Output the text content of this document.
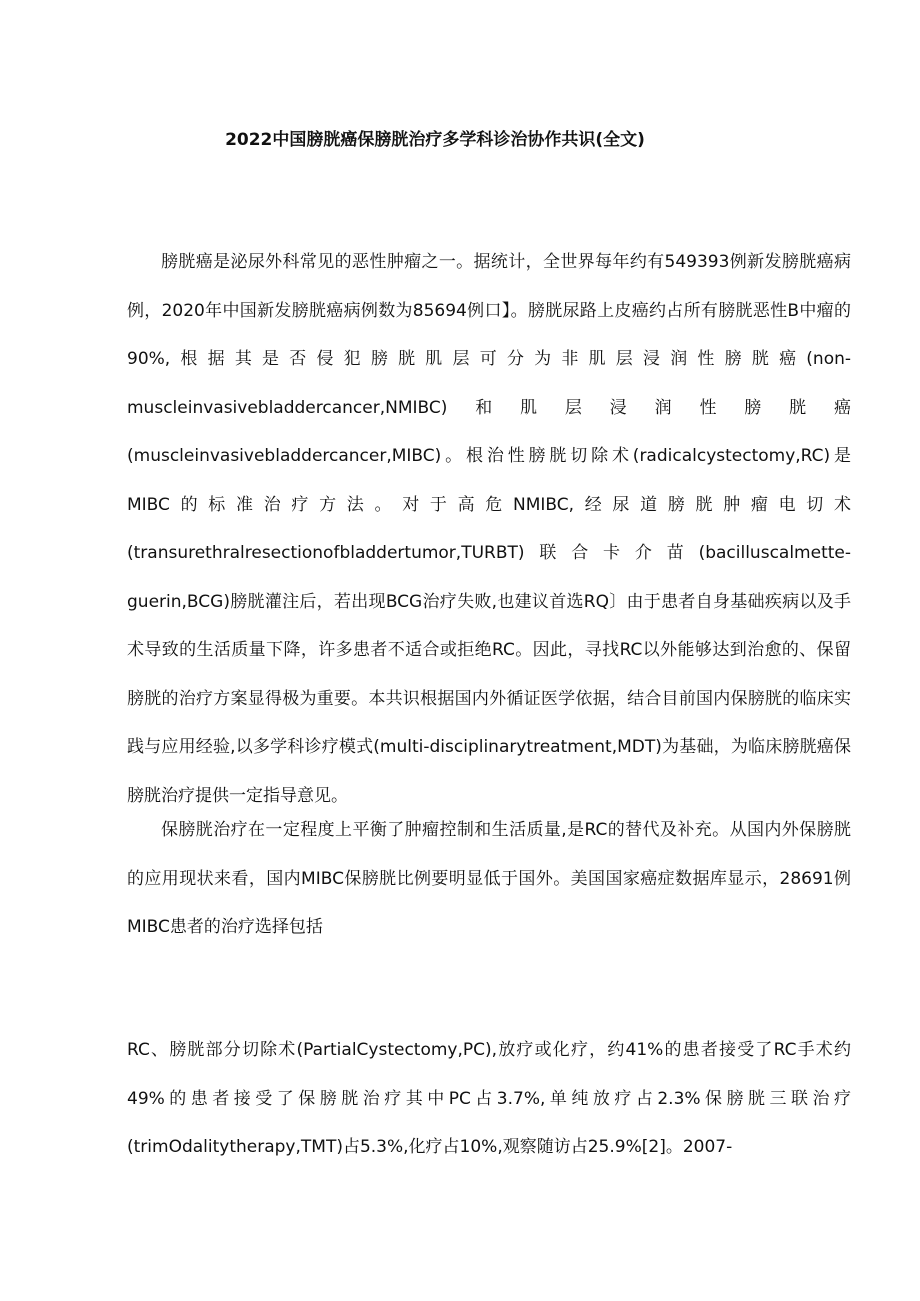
2022中国膀胱癌保膀胱治疗多学科诊治协作共识(全文)

膀胱癌是泌尿外科常见的恶性肿瘤之一。据统计，全世界每年约有549393例新发膀胱癌病例，2020年中国新发膀胱癌病例数为85694例口】。膀胱尿路上皮癌约占所有膀胱恶性B中瘤的90%,根据其是否侵犯膀胱肌层可分为非肌层浸润性膀胱癌(non-muscleinvasivebladdercancer,NMIBC)和肌层浸润性膀胱癌(muscleinvasivebladdercancer,MIBC)。根治性膀胱切除术(radicalcystectomy,RC)是MIBC的标准治疗方法。对于高危NMIBC,经尿道膀胱肿瘤电切术(transurethralresectionofbladdertumor,TURBT)联合卡介苗(bacilluscalmette-guerin,BCG)膀胱灌注后，若出现BCG治疗失败,也建议首选RQ〕由于患者自身基础疾病以及手术导致的生活质量下降，许多患者不适合或拒绝RC。因此，寻找RC以外能够达到治愈的、保留膀胱的治疗方案显得极为重要。本共识根据国内外循证医学依据，结合目前国内保膀胱的临床实践与应用经验,以多学科诊疗模式(multi-disciplinarytreatment,MDT)为基础，为临床膀胱癌保膀胱治疗提供一定指导意见。

保膀胱治疗在一定程度上平衡了肿瘤控制和生活质量,是RC的替代及补充。从国内外保膀胱的应用现状来看，国内MIBC保膀胱比例要明显低于国外。美国国家癌症数据库显示，28691例MIBC患者的治疗选择包括

RC、膀胱部分切除术(PartialCystectomy,PC),放疗或化疗，约41%的患者接受了RC手术约49%的患者接受了保膀胱治疗其中PC占3.7%,单纯放疗占2.3%保膀胱三联治疗(trimOdalitytherapy,TMT)占5.3%,化疗占10%,观察随访占25.9%[2]。2007-
